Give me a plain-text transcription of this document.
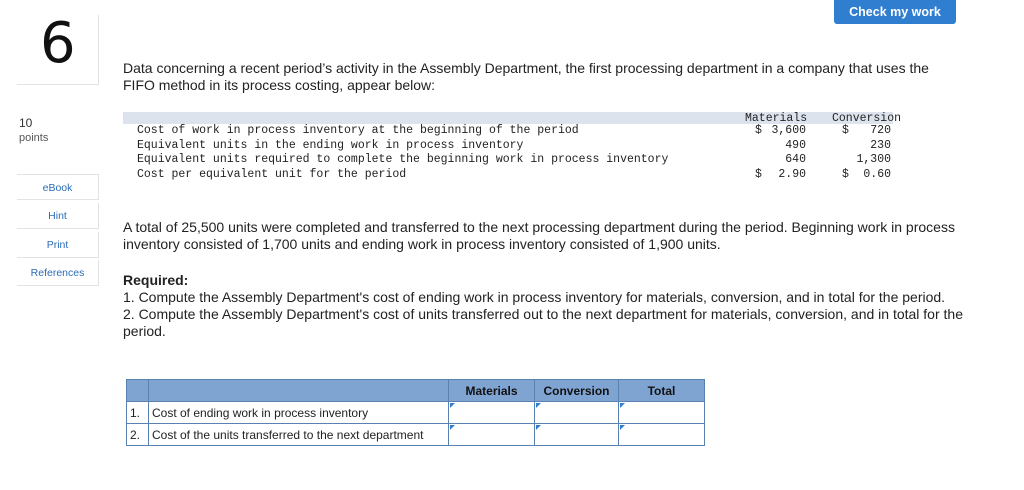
Check my work
6
10
points
eBook
Hint
Print
References
Data concerning a recent period’s activity in the Assembly Department, the first processing department in a company that uses the FIFO method in its process costing, appear below:
Materials Conversion
Cost of work in process inventory at the beginning of the period	$ 3,600	$	720
Equivalent units in the ending work in process inventory	490	230
Equivalent units required to complete the beginning work in process inventory	640	1,300
Cost per equivalent unit for the period	$	2.90	$	0.60
A total of 25,500 units were completed and transferred to the next processing department during the period. Beginning work in process inventory consisted of 1,700 units and ending work in process inventory consisted of 1,900 units.
Required:
1. Compute the Assembly Department's cost of ending work in process inventory for materials, conversion, and in total for the period.
2. Compute the Assembly Department's cost of units transferred out to the next department for materials, conversion, and in total for the period.
		Materials	Conversion	Total
1.	Cost of ending work in process inventory			
2.	Cost of the units transferred to the next department			
